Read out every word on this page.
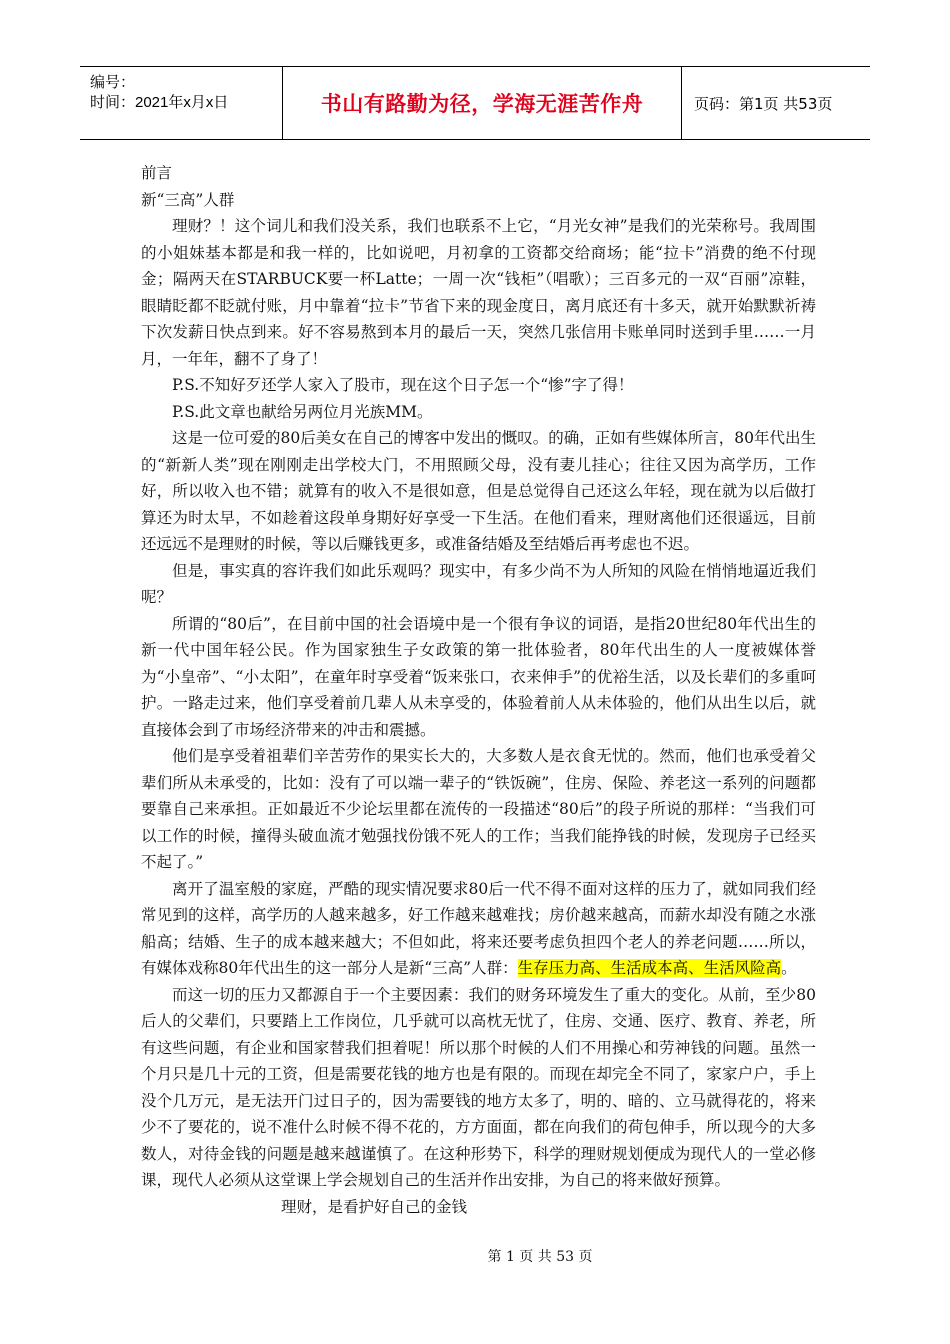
编号：
时间：2021年x月x日	书山有路勤为径，学海无涯苦作舟	页码：第1页 共53页

前言

新“三高”人群

理财？！这个词儿和我们没关系，我们也联系不上它，“月光女神”是我们的光荣称号。我周围的小姐妹基本都是和我一样的，比如说吧，月初拿的工资都交给商场；能“拉卡”消费的绝不付现金；隔两天在STARBUCK要一杯Latte；一周一次“钱柜”（唱歌）；三百多元的一双“百丽”凉鞋，眼睛眨都不眨就付账，月中靠着“拉卡”节省下来的现金度日，离月底还有十多天，就开始默默祈祷下次发薪日快点到来。好不容易熬到本月的最后一天，突然几张信用卡账单同时送到手里……一月月，一年年，翻不了身了！

P.S.不知好歹还学人家入了股市，现在这个日子怎一个“惨”字了得！

P.S.此文章也献给另两位月光族MM。

这是一位可爱的80后美女在自己的博客中发出的慨叹。的确，正如有些媒体所言，80年代出生的“新新人类”现在刚刚走出学校大门，不用照顾父母，没有妻儿挂心；往往又因为高学历，工作好，所以收入也不错；就算有的收入不是很如意，但是总觉得自己还这么年轻，现在就为以后做打算还为时太早，不如趁着这段单身期好好享受一下生活。在他们看来，理财离他们还很遥远，目前还远远不是理财的时候，等以后赚钱更多，或准备结婚及至结婚后再考虑也不迟。

但是，事实真的容许我们如此乐观吗？现实中，有多少尚不为人所知的风险在悄悄地逼近我们呢？

所谓的“80后”，在目前中国的社会语境中是一个很有争议的词语，是指20世纪80年代出生的新一代中国年轻公民。作为国家独生子女政策的第一批体验者，80年代出生的人一度被媒体誉为“小皇帝”、“小太阳”，在童年时享受着“饭来张口，衣来伸手”的优裕生活，以及长辈们的多重呵护。一路走过来，他们享受着前几辈人从未享受的，体验着前人从未体验的，他们从出生以后，就直接体会到了市场经济带来的冲击和震撼。

他们是享受着祖辈们辛苦劳作的果实长大的，大多数人是衣食无忧的。然而，他们也承受着父辈们所从未承受的，比如：没有了可以端一辈子的“铁饭碗”，住房、保险、养老这一系列的问题都要靠自己来承担。正如最近不少论坛里都在流传的一段描述“80后”的段子所说的那样：“当我们可以工作的时候，撞得头破血流才勉强找份饿不死人的工作；当我们能挣钱的时候，发现房子已经买不起了。”

离开了温室般的家庭，严酷的现实情况要求80后一代不得不面对这样的压力了，就如同我们经常见到的这样，高学历的人越来越多，好工作越来越难找；房价越来越高，而薪水却没有随之水涨船高；结婚、生子的成本越来越大；不但如此，将来还要考虑负担四个老人的养老问题……所以，有媒体戏称80年代出生的这一部分人是新“三高”人群：生存压力高、生活成本高、生活风险高。

而这一切的压力又都源自于一个主要因素：我们的财务环境发生了重大的变化。从前，至少80后人的父辈们，只要踏上工作岗位，几乎就可以高枕无忧了，住房、交通、医疗、教育、养老，所有这些问题，有企业和国家替我们担着呢！所以那个时候的人们不用操心和劳神钱的问题。虽然一个月只是几十元的工资，但是需要花钱的地方也是有限的。而现在却完全不同了，家家户户，手上没个几万元，是无法开门过日子的，因为需要钱的地方太多了，明的、暗的、立马就得花的，将来少不了要花的，说不准什么时候不得不花的，方方面面，都在向我们的荷包伸手，所以现今的大多数人，对待金钱的问题是越来越谨慎了。在这种形势下，科学的理财规划便成为现代人的一堂必修课，现代人必须从这堂课上学会规划自己的生活并作出安排，为自己的将来做好预算。

理财，是看护好自己的金钱

第 1 页 共 53 页
